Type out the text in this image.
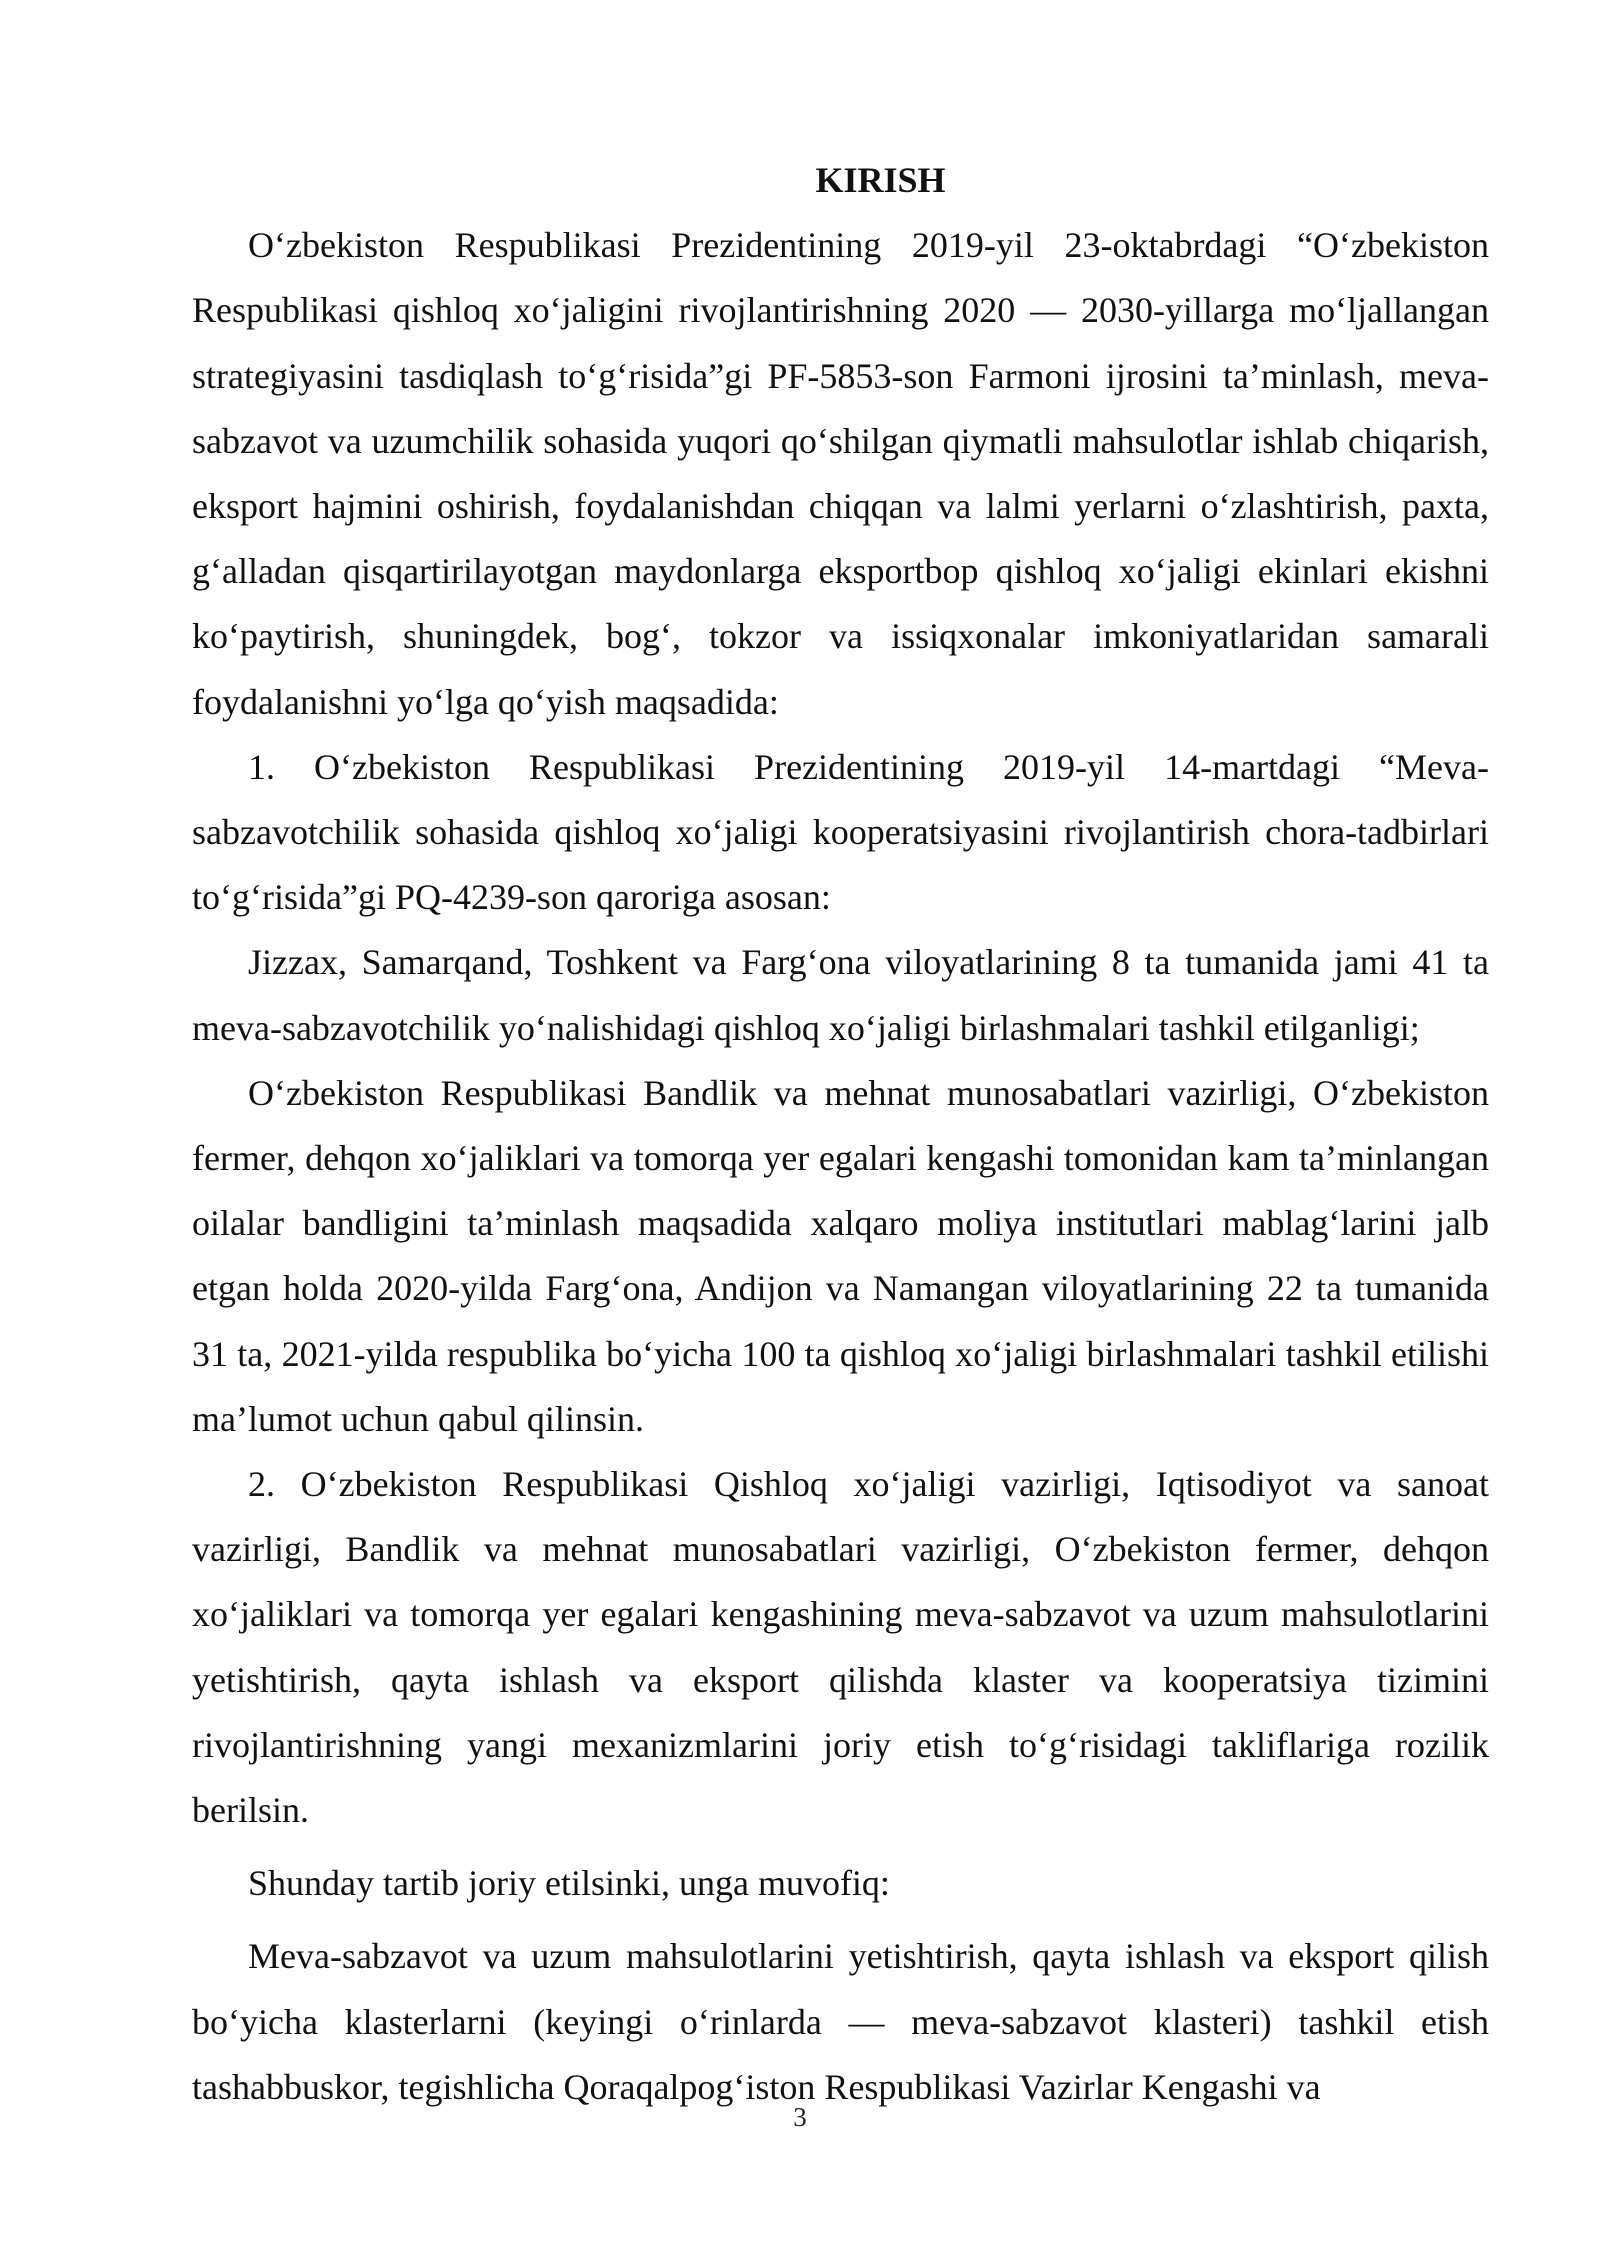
KIRISH

O‘zbekiston Respublikasi Prezidentining 2019-yil 23-oktabrdagi “O‘zbekiston Respublikasi qishloq xo‘jaligini rivojlantirishning 2020 — 2030-yillarga mo‘ljallangan strategiyasini tasdiqlash to‘g‘risida”gi PF-5853-son Farmoni ijrosini ta’minlash, meva-sabzavot va uzumchilik sohasida yuqori qo‘shilgan qiymatli mahsulotlar ishlab chiqarish, eksport hajmini oshirish, foydalanishdan chiqqan va lalmi yerlarni o‘zlashtirish, paxta, g‘alladan qisqartirilayotgan maydonlarga eksportbop qishloq xo‘jaligi ekinlari ekishni ko‘paytirish, shuningdek, bog‘, tokzor va issiqxonalar imkoniyatlaridan samarali foydalanishni yo‘lga qo‘yish maqsadida:

1. O‘zbekiston Respublikasi Prezidentining 2019-yil 14-martdagi “Meva-sabzavotchilik sohasida qishloq xo‘jaligi kooperatsiyasini rivojlantirish chora-tadbirlari to‘g‘risida”gi PQ-4239-son qaroriga asosan:

Jizzax, Samarqand, Toshkent va Farg‘ona viloyatlarining 8 ta tumanida jami 41 ta meva-sabzavotchilik yo‘nalishidagi qishloq xo‘jaligi birlashmalari tashkil etilganligi;

O‘zbekiston Respublikasi Bandlik va mehnat munosabatlari vazirligi, O‘zbekiston fermer, dehqon xo‘jaliklari va tomorqa yer egalari kengashi tomonidan kam ta’minlangan oilalar bandligini ta’minlash maqsadida xalqaro moliya institutlari mablag‘larini jalb etgan holda 2020-yilda Farg‘ona, Andijon va Namangan viloyatlarining 22 ta tumanida 31 ta, 2021-yilda respublika bo‘yicha 100 ta qishloq xo‘jaligi birlashmalari tashkil etilishi ma’lumot uchun qabul qilinsin.

2. O‘zbekiston Respublikasi Qishloq xo‘jaligi vazirligi, Iqtisodiyot va sanoat vazirligi, Bandlik va mehnat munosabatlari vazirligi, O‘zbekiston fermer, dehqon xo‘jaliklari va tomorqa yer egalari kengashining meva-sabzavot va uzum mahsulotlarini yetishtirish, qayta ishlash va eksport qilishda klaster va kooperatsiya tizimini rivojlantirishning yangi mexanizmlarini joriy etish to‘g‘risidagi takliflariga rozilik berilsin.

Shunday tartib joriy etilsinki, unga muvofiq:

Meva-sabzavot va uzum mahsulotlarini yetishtirish, qayta ishlash va eksport qilish bo‘yicha klasterlarni (keyingi o‘rinlarda — meva-sabzavot klasteri) tashkil etish tashabbuskor, tegishlicha Qoraqalpog‘iston Respublikasi Vazirlar Kengashi va

3
